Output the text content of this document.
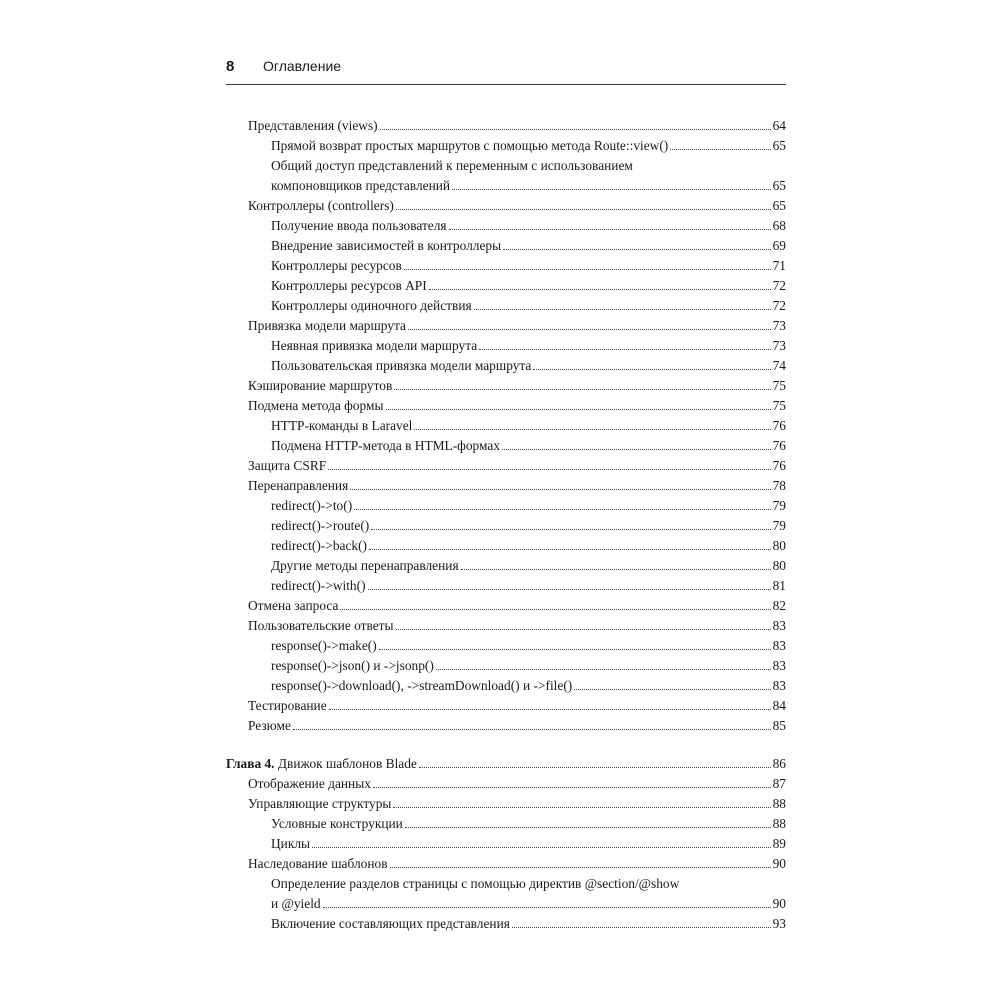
8	Оглавление
Представления (views)	64
Прямой возврат простых маршрутов с помощью метода Route::view()	65
Общий доступ представлений к переменным с использованием
компоновщиков представлений	65
Контроллеры (controllers)	65
Получение ввода пользователя	68
Внедрение зависимостей в контроллеры	69
Контроллеры ресурсов	71
Контроллеры ресурсов API	72
Контроллеры одиночного действия	72
Привязка модели маршрута	73
Неявная привязка модели маршрута	73
Пользовательская привязка модели маршрута	74
Кэширование маршрутов	75
Подмена метода формы	75
HTTP-команды в Laravel	76
Подмена HTTP-метода в HTML-формах	76
Защита CSRF	76
Перенаправления	78
redirect()->to()	79
redirect()->route()	79
redirect()->back()	80
Другие методы перенаправления	80
redirect()->with()	81
Отмена запроса	82
Пользовательские ответы	83
response()->make()	83
response()->json() и ->jsonp()	83
response()->download(), ->streamDownload() и ->file()	83
Тестирование	84
Резюме	85
Глава 4. Движок шаблонов Blade	86
Отображение данных	87
Управляющие структуры	88
Условные конструкции	88
Циклы	89
Наследование шаблонов	90
Определение разделов страницы с помощью директив @section/@show
и @yield	90
Включение составляющих представления	93
